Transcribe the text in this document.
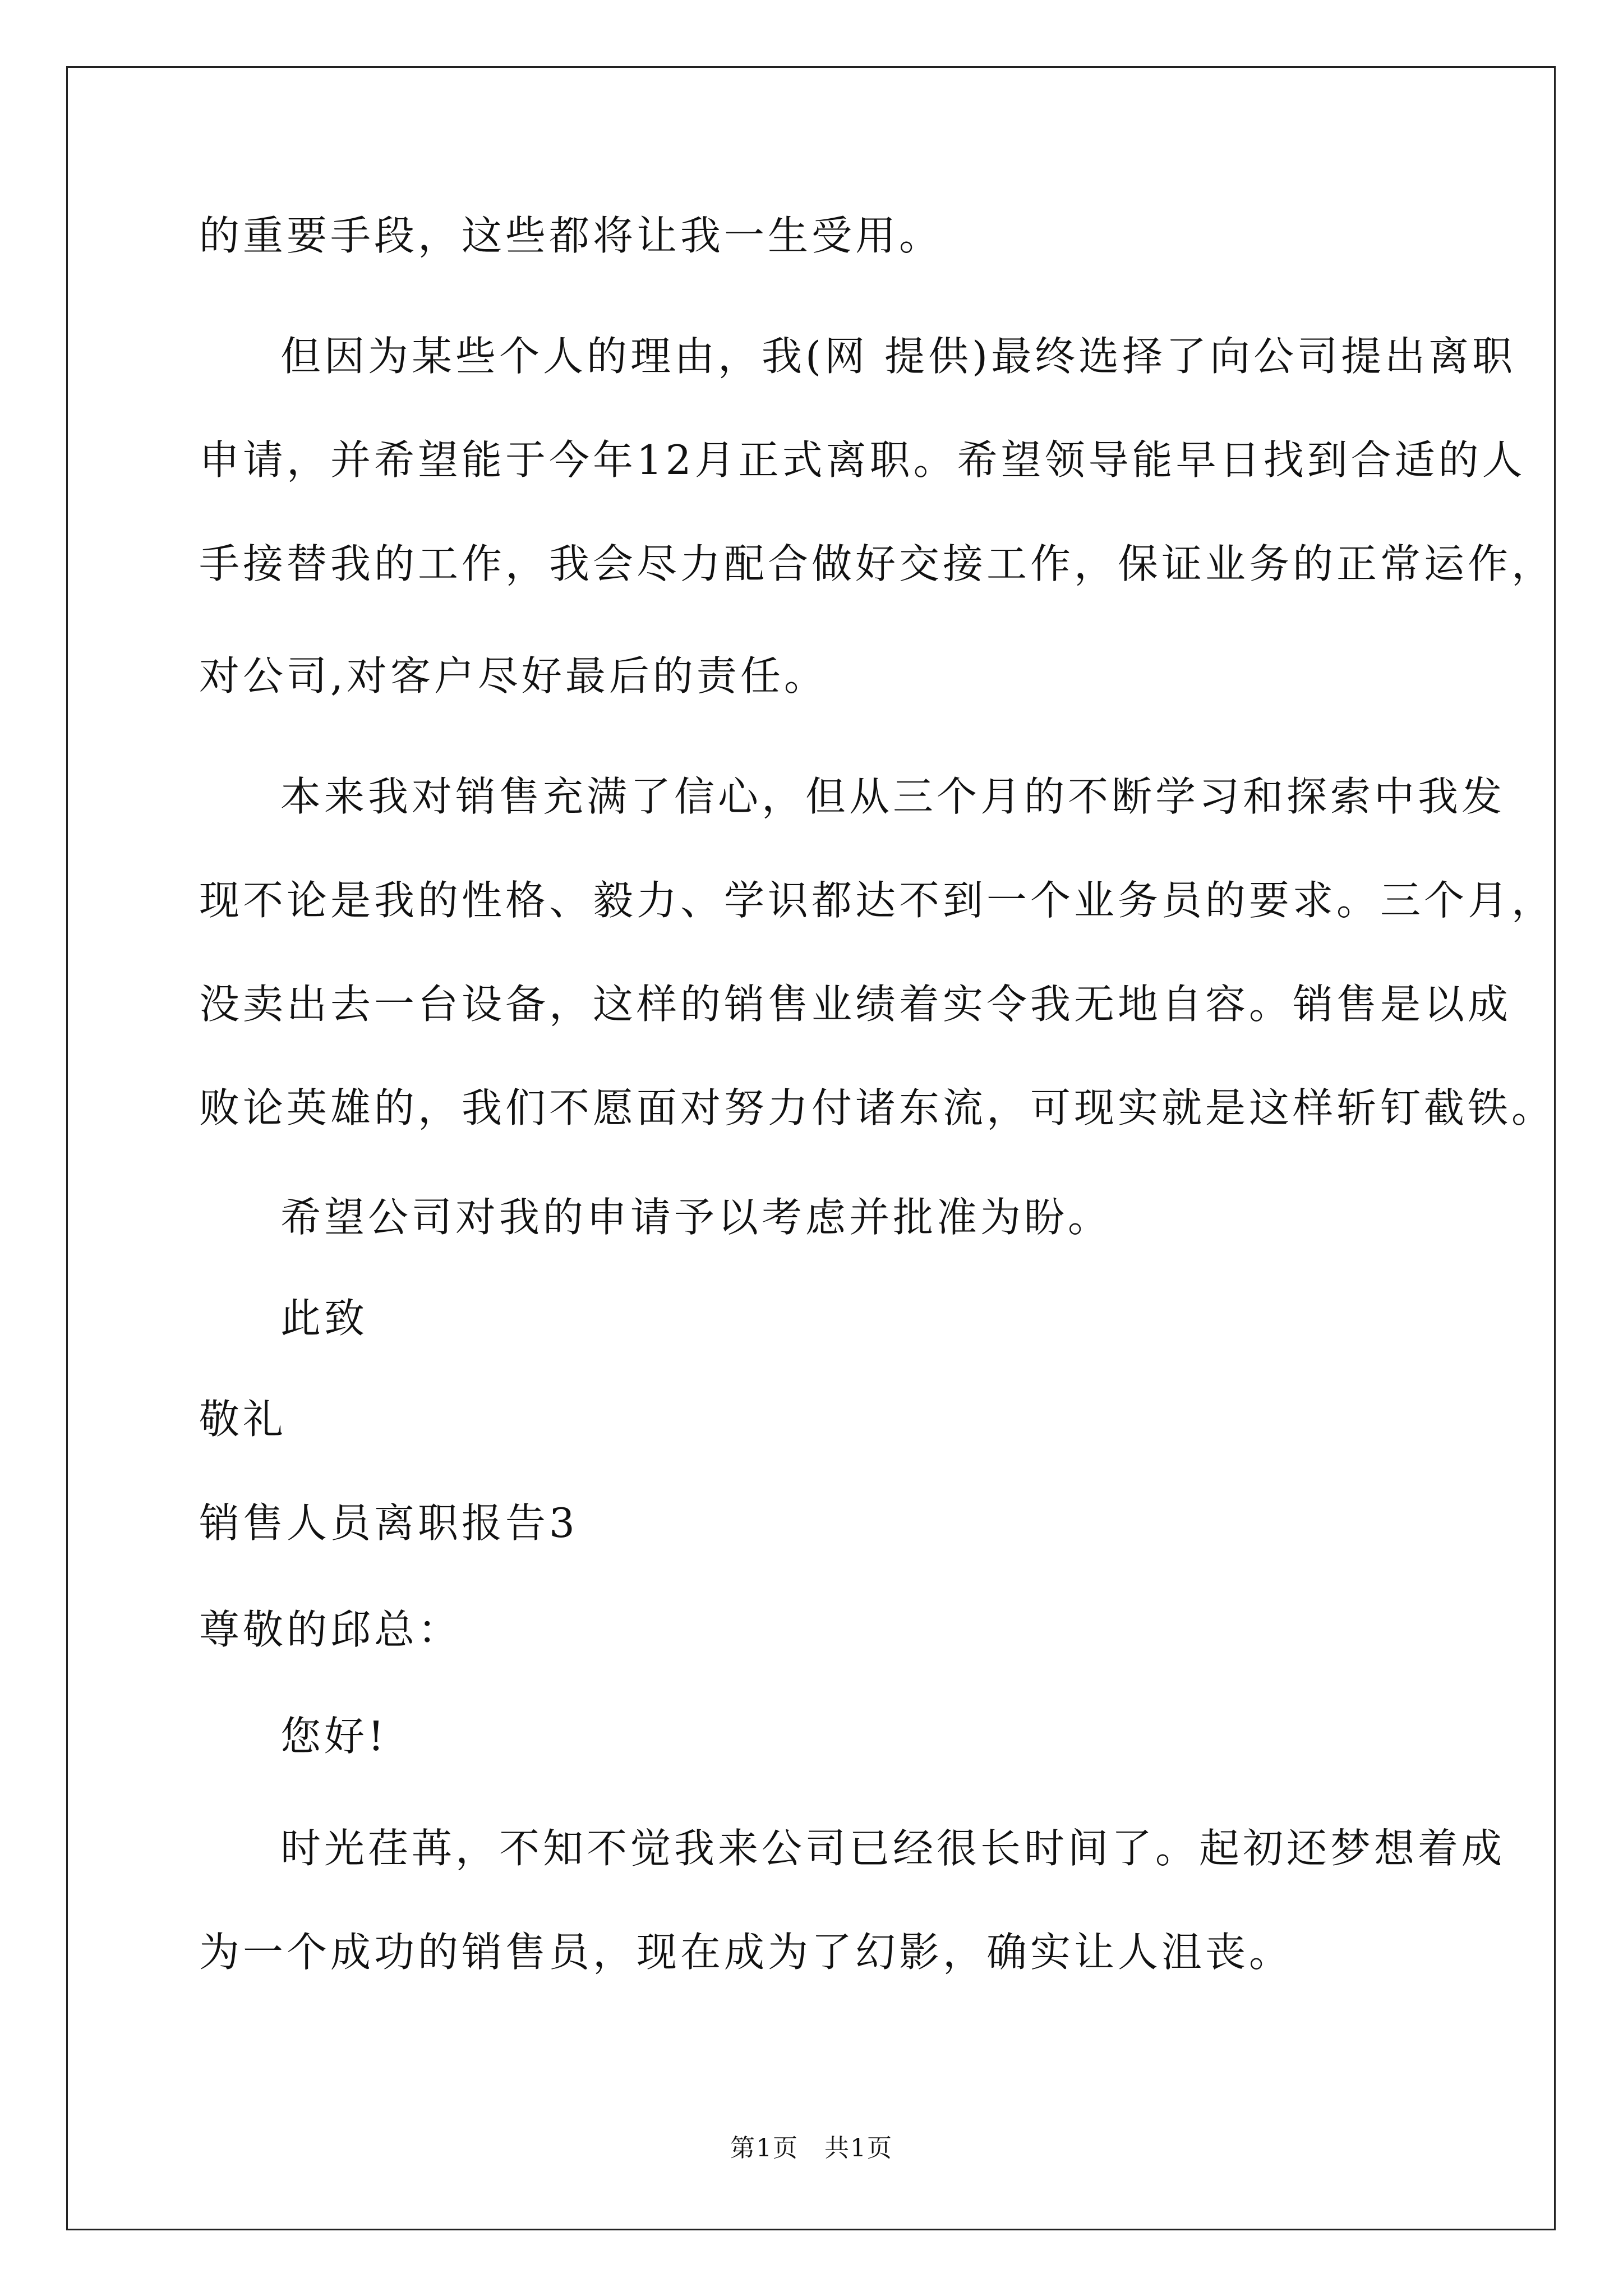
的重要手段，这些都将让我一生受用。
但因为某些个人的理由，我(网 提供)最终选择了向公司提出离职
申请，并希望能于今年12月正式离职。希望领导能早日找到合适的人
手接替我的工作，我会尽力配合做好交接工作，保证业务的正常运作，
对公司,对客户尽好最后的责任。
本来我对销售充满了信心，但从三个月的不断学习和探索中我发
现不论是我的性格、毅力、学识都达不到一个业务员的要求。三个月，
没卖出去一台设备，这样的销售业绩着实令我无地自容。销售是以成
败论英雄的，我们不愿面对努力付诸东流，可现实就是这样斩钉截铁。
希望公司对我的申请予以考虑并批准为盼。
此致
敬礼
销售人员离职报告3
尊敬的邱总：
您好!
时光荏苒，不知不觉我来公司已经很长时间了。起初还梦想着成
为一个成功的销售员，现在成为了幻影，确实让人沮丧。
第1页　共1页
